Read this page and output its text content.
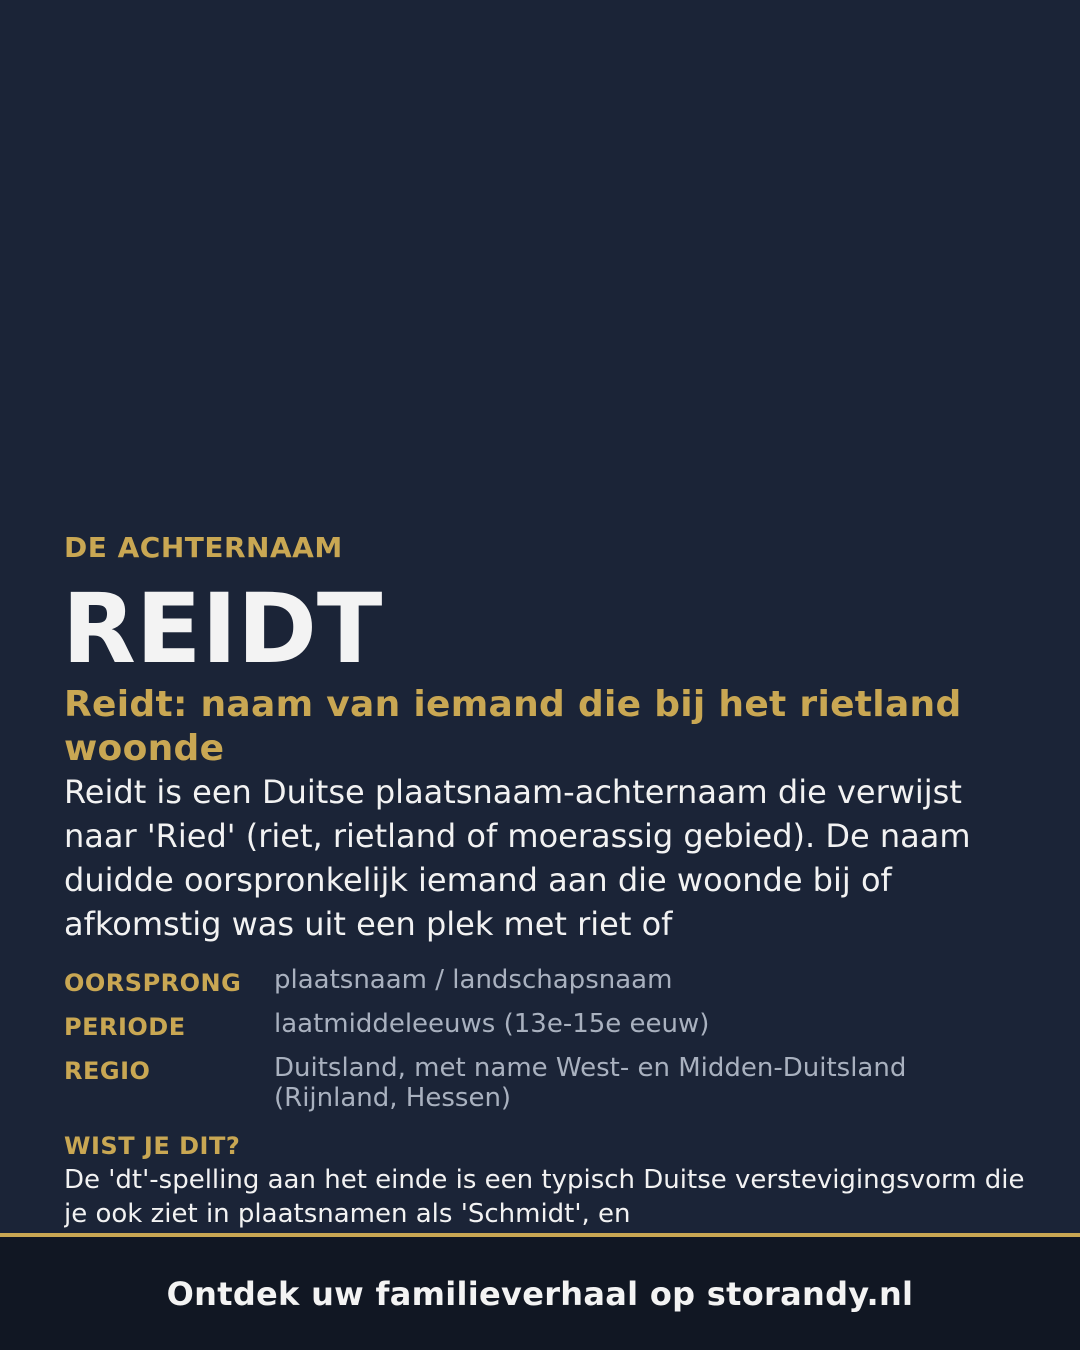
DE ACHTERNAAM
REIDT
Reidt: naam van iemand die bij het rietland woonde

Reidt is een Duitse plaatsnaam-achternaam die verwijst naar 'Ried' (riet, rietland of moerassig gebied). De naam duidde oorspronkelijk iemand aan die woonde bij of afkomstig was uit een plek met riet of

OORSPRONG	plaatsnaam / landschapsnaam
PERIODE	laatmiddeleeuws (13e-15e eeuw)
REGIO	Duitsland, met name West- en Midden-Duitsland (Rijnland, Hessen)
WIST JE DIT?

De 'dt'-spelling aan het einde is een typisch Duitse verstevigingsvorm die je ook ziet in plaatsnamen als 'Schmidt', en

Ontdek uw familieverhaal op storandy.nl
